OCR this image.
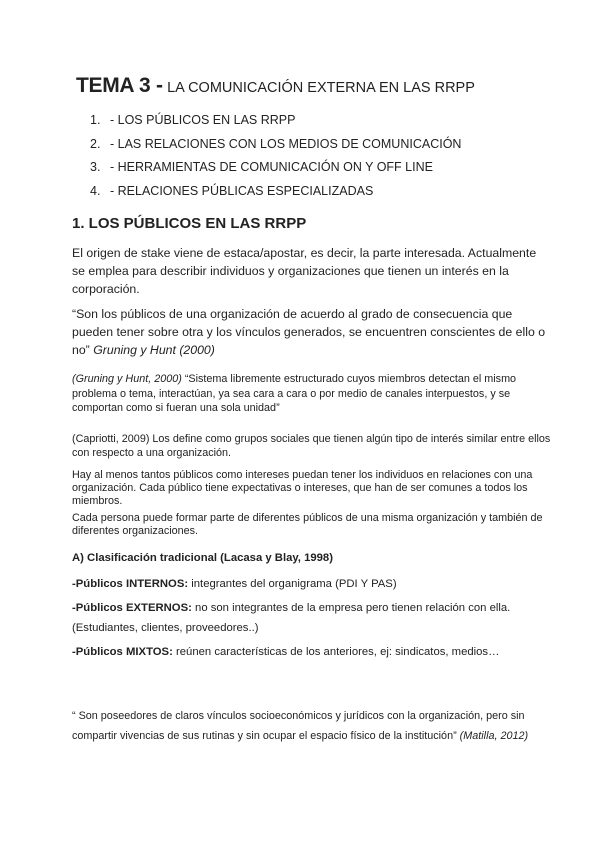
TEMA 3 - LA COMUNICACIÓN EXTERNA EN LAS RRPP
1. - LOS PÚBLICOS EN LAS RRPP
2. - LAS RELACIONES CON LOS MEDIOS DE COMUNICACIÓN
3. - HERRAMIENTAS DE COMUNICACIÓN ON Y OFF LINE
4. - RELACIONES PÚBLICAS ESPECIALIZADAS
1. LOS PÚBLICOS EN LAS RRPP

El origen de stake viene de estaca/apostar, es decir, la parte interesada. Actualmente se emplea para describir individuos y organizaciones que tienen un interés en la corporación.

“Son los públicos de una organización de acuerdo al grado de consecuencia que pueden tener sobre otra y los vínculos generados, se encuentren conscientes de ello o no” Gruning y Hunt (2000)

(Gruning y Hunt, 2000) “Sistema libremente estructurado cuyos miembros detectan el mismo problema o tema, interactúan, ya sea cara a cara o por medio de canales interpuestos, y se comportan como si fueran una sola unidad”

(Capriotti, 2009) Los define como grupos sociales que tienen algún tipo de interés similar entre ellos con respecto a una organización.

Hay al menos tantos públicos como intereses puedan tener los individuos en relaciones con una organización. Cada público tiene expectativas o intereses, que han de ser comunes a todos los miembros.

Cada persona puede formar parte de diferentes públicos de una misma organización y también de diferentes organizaciones.

A) Clasificación tradicional (Lacasa y Blay, 1998)
-Públicos INTERNOS: integrantes del organigrama (PDI Y PAS)
-Públicos EXTERNOS: no son integrantes de la empresa pero tienen relación con ella. (Estudiantes, clientes, proveedores..)
-Públicos MIXTOS: reúnen características de los anteriores, ej: sindicatos, medios…

“ Son poseedores de claros vínculos socioeconómicos y jurídicos con la organización, pero sin compartir vivencias de sus rutinas y sin ocupar el espacio físico de la institución” (Matilla, 2012)
